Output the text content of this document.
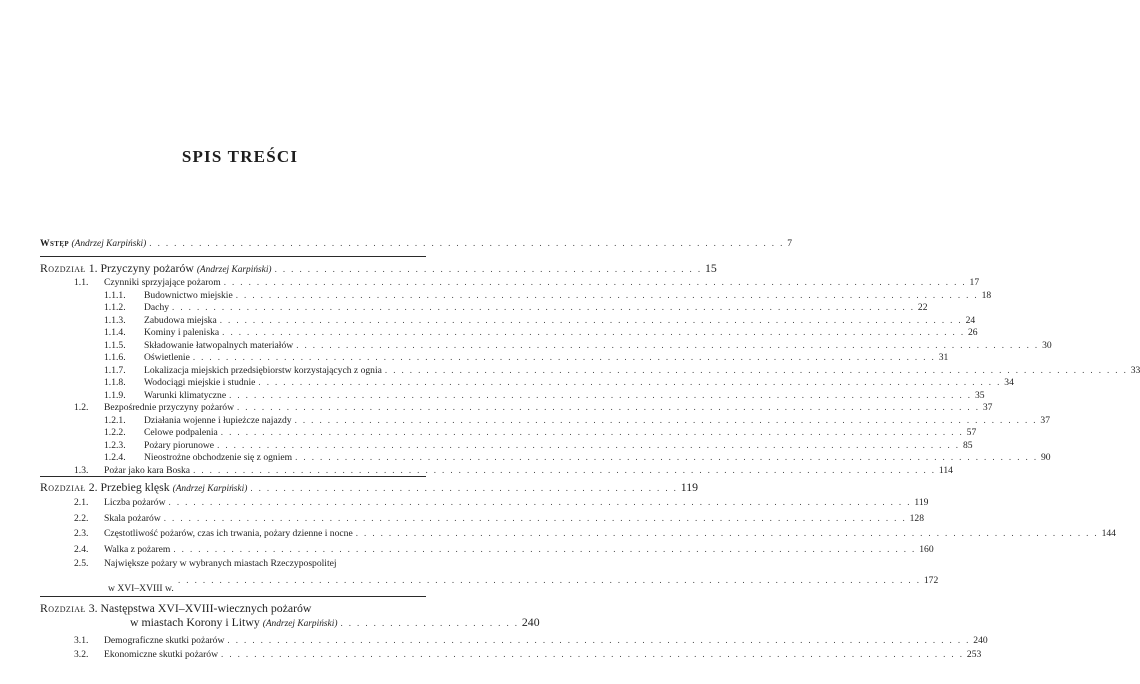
SPIS TREŚCI
Wstęp (Andrzej Karpiński) . . . . . . . . . . . . . . . . . . . . . . . . . . . . . . . . . . . . . . . . . . . . . . . . . . . . . . . . . . . . . . . . . . . . . . . . . . . . . 7
Rozdział 1. Przyczyny pożarów (Andrzej Karpiński) . . . . . . . . . . . . . . . . . . . . . . . . . . . . . . . . . . . . . . . . . . . . . . . . . . . . 15
1.1.	Czynniki sprzyjające pożarom . . . . . . . . . . . . . . . . . . . . . . . . . . . . . . . . . . . . . . . . . . . . . . . . . . . . . . . . . . . . . . . . . . . . . . . . . . . . . . . . . . . . . . . . . . 17
1.1.1.	Budownictwo miejskie . . . . . . . . . . . . . . . . . . . . . . . . . . . . . . . . . . . . . . . . . . . . . . . . . . . . . . . . . . . . . . . . . . . . . . . . . . . . . . . . . . . . . . . . . . 18
1.1.2.	Dachy . . . . . . . . . . . . . . . . . . . . . . . . . . . . . . . . . . . . . . . . . . . . . . . . . . . . . . . . . . . . . . . . . . . . . . . . . . . . . . . . . . . . . . . . . . 22
1.1.3.	Zabudowa miejska . . . . . . . . . . . . . . . . . . . . . . . . . . . . . . . . . . . . . . . . . . . . . . . . . . . . . . . . . . . . . . . . . . . . . . . . . . . . . . . . . . . . . . . . . . 24
1.1.4.	Kominy i paleniska . . . . . . . . . . . . . . . . . . . . . . . . . . . . . . . . . . . . . . . . . . . . . . . . . . . . . . . . . . . . . . . . . . . . . . . . . . . . . . . . . . . . . . . . . . 26
1.1.5.	Składowanie łatwopalnych materiałów . . . . . . . . . . . . . . . . . . . . . . . . . . . . . . . . . . . . . . . . . . . . . . . . . . . . . . . . . . . . . . . . . . . . . . . . . . . . . . . . . . . . . . . . . . 30
1.1.6.	Oświetlenie . . . . . . . . . . . . . . . . . . . . . . . . . . . . . . . . . . . . . . . . . . . . . . . . . . . . . . . . . . . . . . . . . . . . . . . . . . . . . . . . . . . . . . . . . . 31
1.1.7.	Lokalizacja miejskich przedsiębiorstw korzystających z ognia . . . . . . . . . . . . . . . . . . . . . . . . . . . . . . . . . . . . . . . . . . . . . . . . . . . . . . . . . . . . . . . . . . . . . . . . . . . . . . . . . . . . . . . . . . 33
1.1.8.	Wodociągi miejskie i studnie . . . . . . . . . . . . . . . . . . . . . . . . . . . . . . . . . . . . . . . . . . . . . . . . . . . . . . . . . . . . . . . . . . . . . . . . . . . . . . . . . . . . . . . . . . 34
1.1.9.	Warunki klimatyczne . . . . . . . . . . . . . . . . . . . . . . . . . . . . . . . . . . . . . . . . . . . . . . . . . . . . . . . . . . . . . . . . . . . . . . . . . . . . . . . . . . . . . . . . . . 35
1.2.	Bezpośrednie przyczyny pożarów . . . . . . . . . . . . . . . . . . . . . . . . . . . . . . . . . . . . . . . . . . . . . . . . . . . . . . . . . . . . . . . . . . . . . . . . . . . . . . . . . . . . . . . . . . 37
1.2.1.	Działania wojenne i łupieżcze najazdy . . . . . . . . . . . . . . . . . . . . . . . . . . . . . . . . . . . . . . . . . . . . . . . . . . . . . . . . . . . . . . . . . . . . . . . . . . . . . . . . . . . . . . . . . . 37
1.2.2.	Celowe podpalenia . . . . . . . . . . . . . . . . . . . . . . . . . . . . . . . . . . . . . . . . . . . . . . . . . . . . . . . . . . . . . . . . . . . . . . . . . . . . . . . . . . . . . . . . . . 57
1.2.3.	Pożary piorunowe . . . . . . . . . . . . . . . . . . . . . . . . . . . . . . . . . . . . . . . . . . . . . . . . . . . . . . . . . . . . . . . . . . . . . . . . . . . . . . . . . . . . . . . . . . 85
1.2.4.	Nieostrożne obchodzenie się z ogniem . . . . . . . . . . . . . . . . . . . . . . . . . . . . . . . . . . . . . . . . . . . . . . . . . . . . . . . . . . . . . . . . . . . . . . . . . . . . . . . . . . . . . . . . . . 90
1.3.	Pożar jako kara Boska . . . . . . . . . . . . . . . . . . . . . . . . . . . . . . . . . . . . . . . . . . . . . . . . . . . . . . . . . . . . . . . . . . . . . . . . . . . . . . . . . . . . . . . . . . 114
Rozdział 2. Przebieg klęsk (Andrzej Karpiński) . . . . . . . . . . . . . . . . . . . . . . . . . . . . . . . . . . . . . . . . . . . . . . . . . . . . 119
2.1.	Liczba pożarów . . . . . . . . . . . . . . . . . . . . . . . . . . . . . . . . . . . . . . . . . . . . . . . . . . . . . . . . . . . . . . . . . . . . . . . . . . . . . . . . . . . . . . . . . . 119
2.2.	Skala pożarów . . . . . . . . . . . . . . . . . . . . . . . . . . . . . . . . . . . . . . . . . . . . . . . . . . . . . . . . . . . . . . . . . . . . . . . . . . . . . . . . . . . . . . . . . . 128
2.3.	Częstotliwość pożarów, czas ich trwania, pożary dzienne i nocne . . . . . . . . . . . . . . . . . . . . . . . . . . . . . . . . . . . . . . . . . . . . . . . . . . . . . . . . . . . . . . . . . . . . . . . . . . . . . . . . . . . . . . . . . . 144
2.4.	Walka z pożarem . . . . . . . . . . . . . . . . . . . . . . . . . . . . . . . . . . . . . . . . . . . . . . . . . . . . . . . . . . . . . . . . . . . . . . . . . . . . . . . . . . . . . . . . . . 160
2.5.	Największe pożary w wybranych miastach Rzeczypospolitej
. . . . . . . . . . . . . . . . . . . . . . . . . . . . . . . . . . . . . . . . . . . . . . . . . . . . . . . . . . . . . . . . . . . . . . . . . . . . . . . . . . . . . . . . . . 172
w XVI–XVIII w.
Rozdział 3. Następstwa XVI–XVIII-wiecznych pożarów
w miastach Korony i Litwy (Andrzej Karpiński) . . . . . . . . . . . . . . . . . . . . . . 240
3.1.	Demograficzne skutki pożarów . . . . . . . . . . . . . . . . . . . . . . . . . . . . . . . . . . . . . . . . . . . . . . . . . . . . . . . . . . . . . . . . . . . . . . . . . . . . . . . . . . . . . . . . . . 240
3.2.	Ekonomiczne skutki pożarów . . . . . . . . . . . . . . . . . . . . . . . . . . . . . . . . . . . . . . . . . . . . . . . . . . . . . . . . . . . . . . . . . . . . . . . . . . . . . . . . . . . . . . . . . . 253
